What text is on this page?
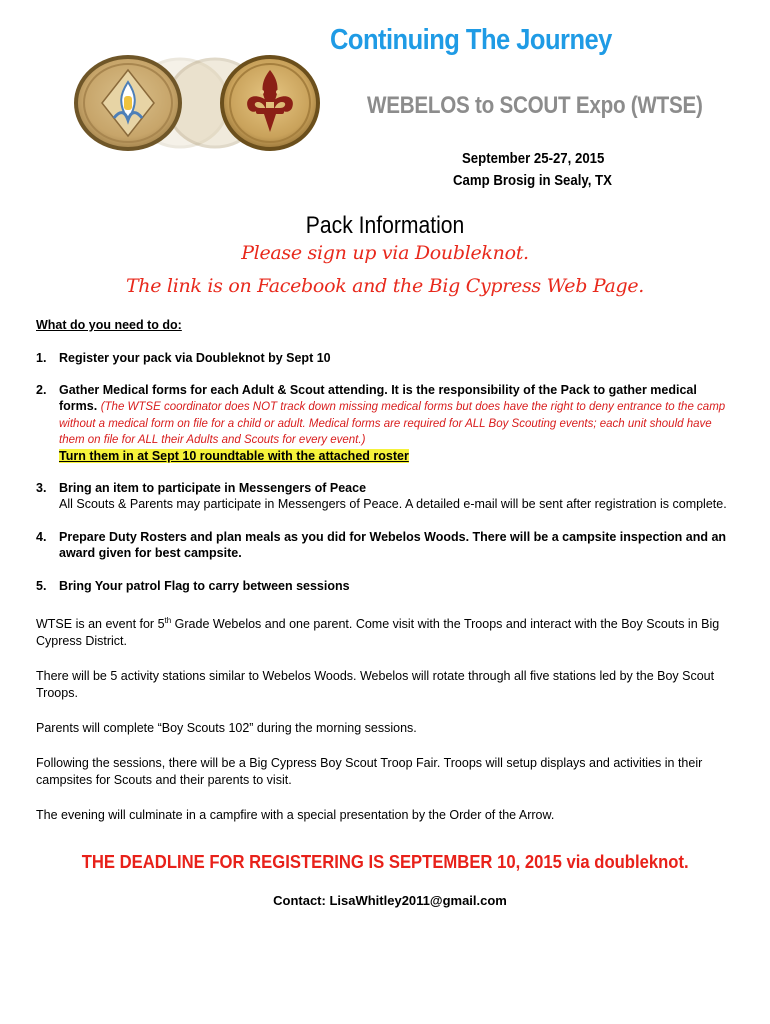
Continuing The Journey
WEBELOS to SCOUT Expo (WTSE)
September 25-27, 2015
Camp Brosig in Sealy, TX
Pack Information
Please sign up via Doubleknot.
The link is on Facebook and the Big Cypress Web Page.

What do you need to do:

1. Register your pack via Doubleknot by Sept 10
2. Gather Medical forms for each Adult & Scout attending. It is the responsibility of the Pack to gather medical forms. (The WTSE coordinator does NOT track down missing medical forms but does have the right to deny entrance to the camp without a medical form on file for a child or adult. Medical forms are required for ALL Boy Scouting events; each unit should have them on file for ALL their Adults and Scouts for every event.)
Turn them in at Sept 10 roundtable with the attached roster
3. Bring an item to participate in Messengers of Peace
All Scouts & Parents may participate in Messengers of Peace. A detailed e-mail will be sent after registration is complete.
4. Prepare Duty Rosters and plan meals as you did for Webelos Woods. There will be a campsite inspection and an award given for best campsite.
5. Bring Your patrol Flag to carry between sessions

WTSE is an event for 5th Grade Webelos and one parent. Come visit with the Troops and interact with the Boy Scouts in Big Cypress District.

There will be 5 activity stations similar to Webelos Woods. Webelos will rotate through all five stations led by the Boy Scout Troops.

Parents will complete “Boy Scouts 102” during the morning sessions.

Following the sessions, there will be a Big Cypress Boy Scout Troop Fair. Troops will setup displays and activities in their campsites for Scouts and their parents to visit.

The evening will culminate in a campfire with a special presentation by the Order of the Arrow.

THE DEADLINE FOR REGISTERING IS SEPTEMBER 10, 2015 via doubleknot.
Contact: LisaWhitley2011@gmail.com
